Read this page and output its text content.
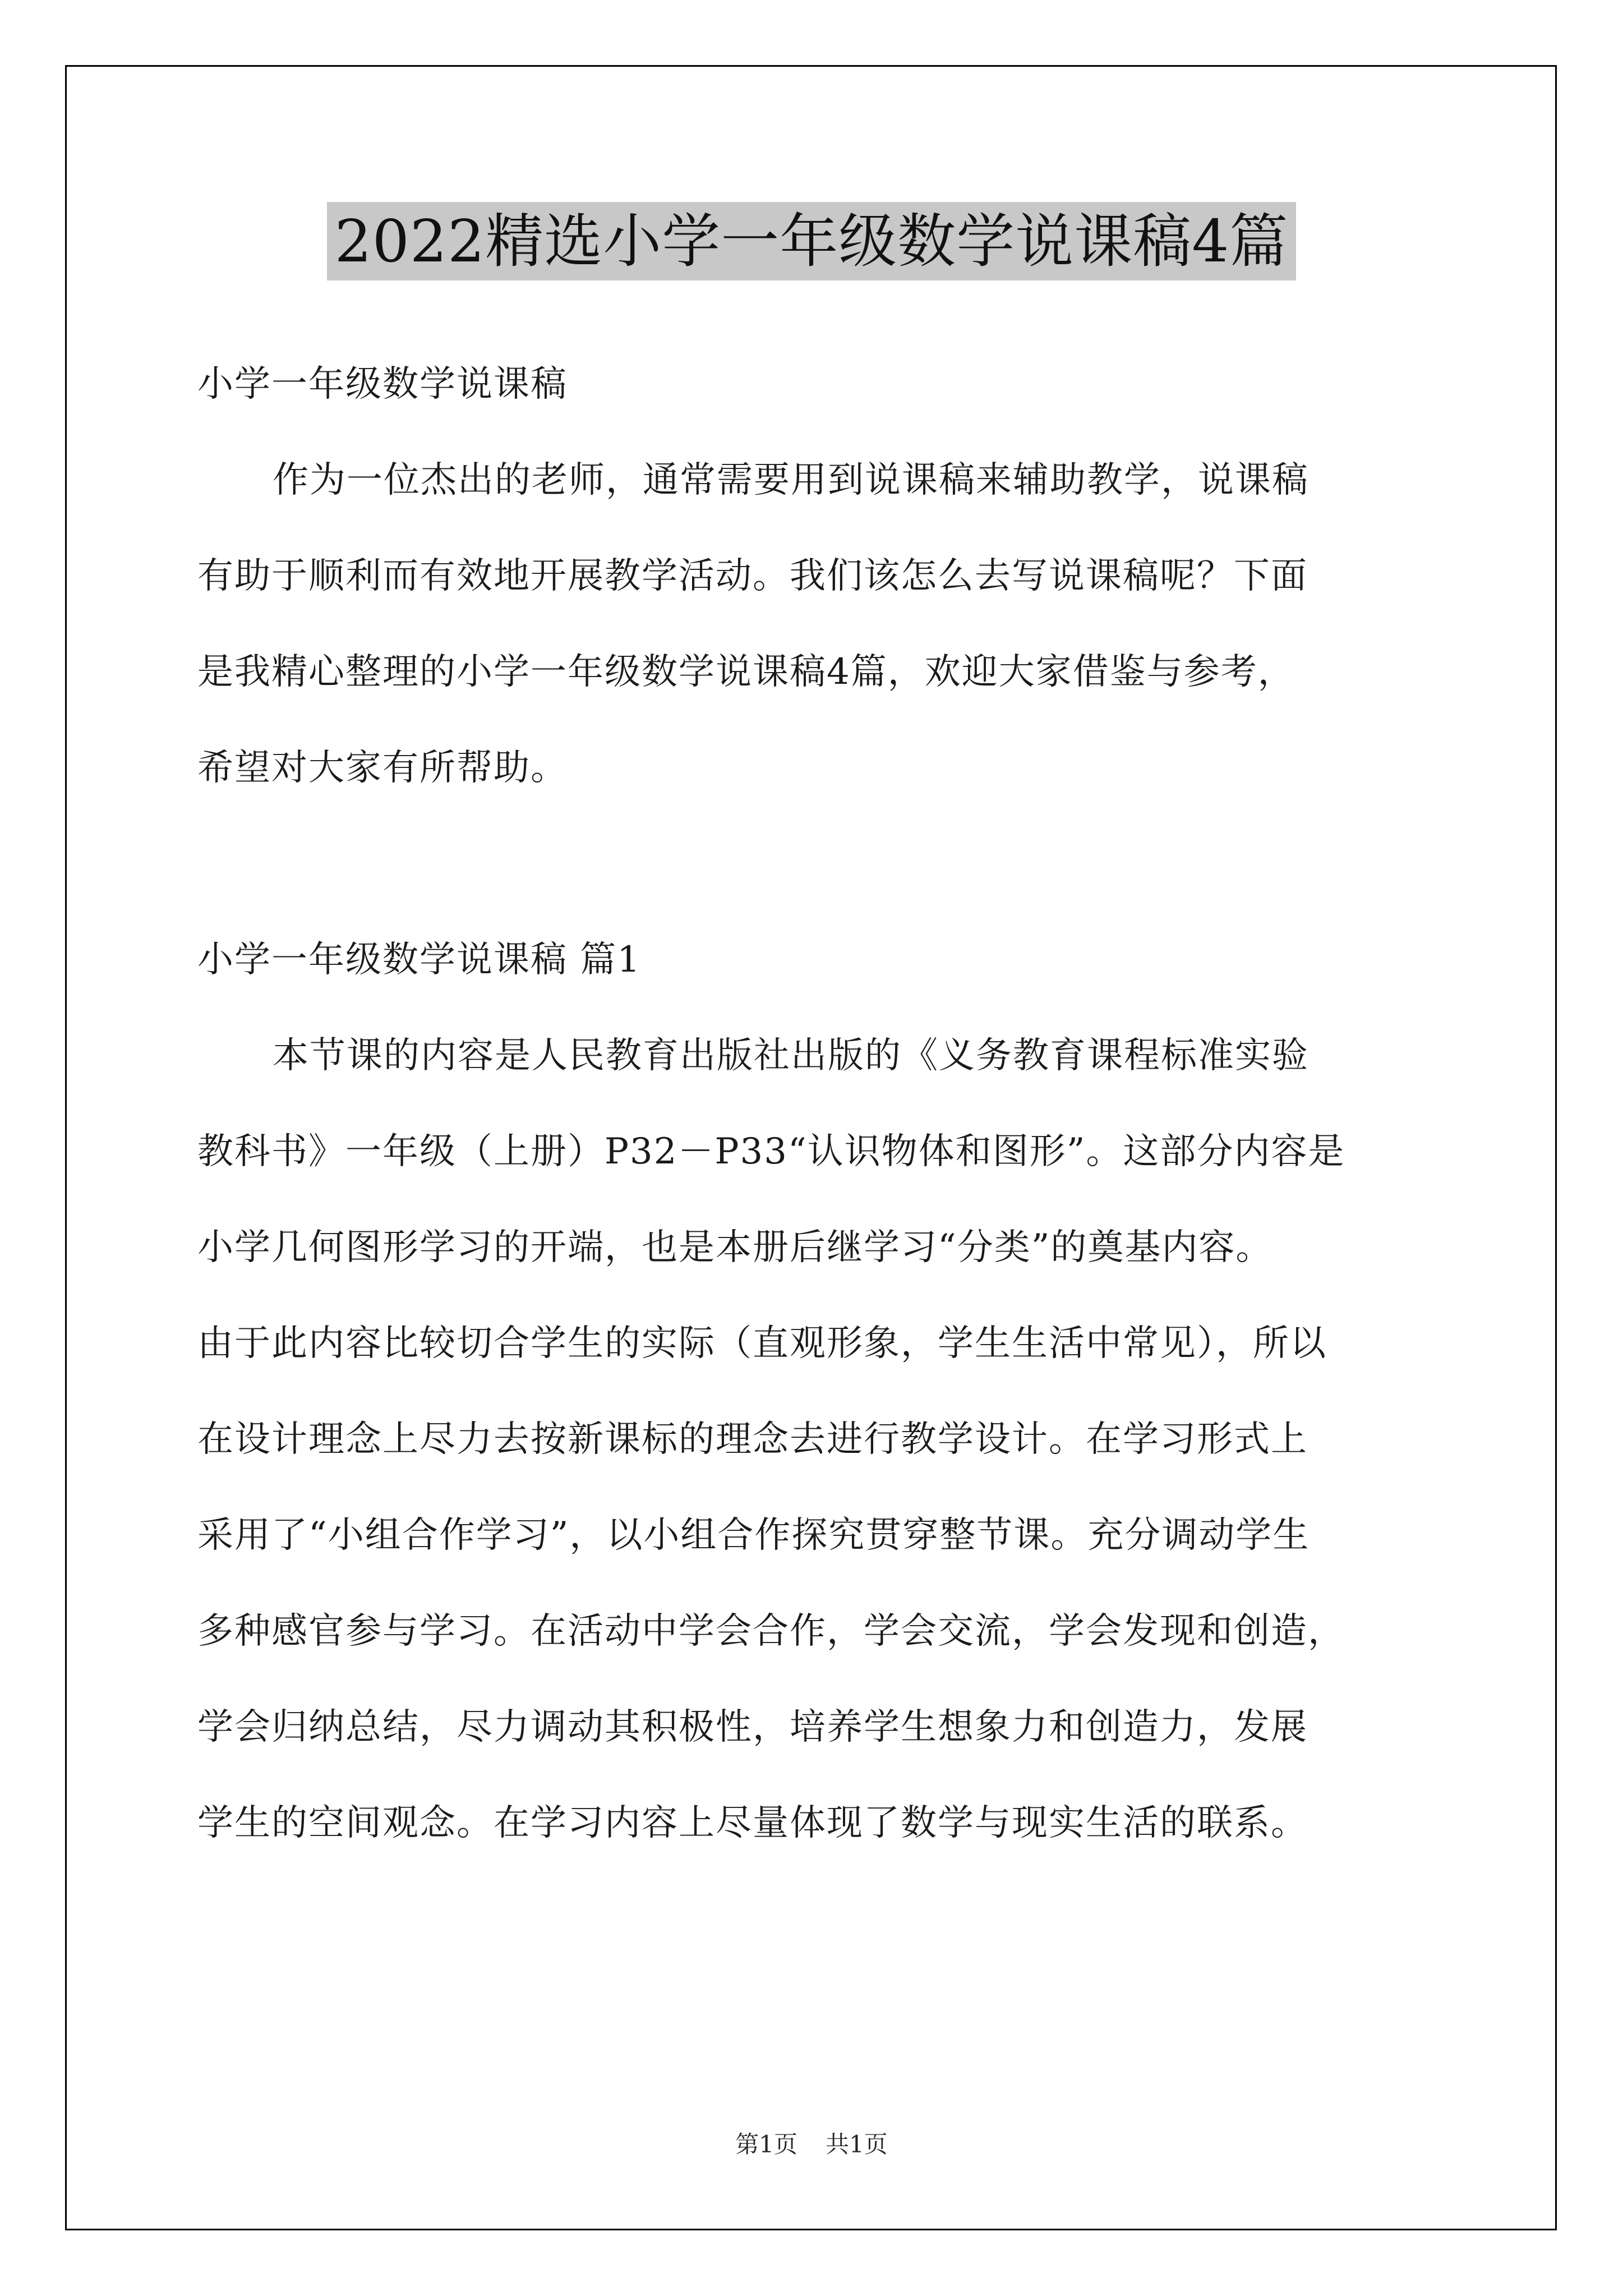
2022精选小学一年级数学说课稿4篇
小学一年级数学说课稿
作为一位杰出的老师，通常需要用到说课稿来辅助教学，说课稿
有助于顺利而有效地开展教学活动。我们该怎么去写说课稿呢？下面
是我精心整理的小学一年级数学说课稿4篇，欢迎大家借鉴与参考，
希望对大家有所帮助。
小学一年级数学说课稿 篇1
本节课的内容是人民教育出版社出版的《义务教育课程标准实验
教科书》一年级（上册）P32－P33“认识物体和图形”。这部分内容是
小学几何图形学习的开端，也是本册后继学习“分类”的奠基内容。
由于此内容比较切合学生的实际（直观形象，学生生活中常见），所以
在设计理念上尽力去按新课标的理念去进行教学设计。在学习形式上
采用了“小组合作学习”，以小组合作探究贯穿整节课。充分调动学生
多种感官参与学习。在活动中学会合作，学会交流，学会发现和创造，
学会归纳总结，尽力调动其积极性，培养学生想象力和创造力，发展
学生的空间观念。在学习内容上尽量体现了数学与现实生活的联系。
第1页 共1页
